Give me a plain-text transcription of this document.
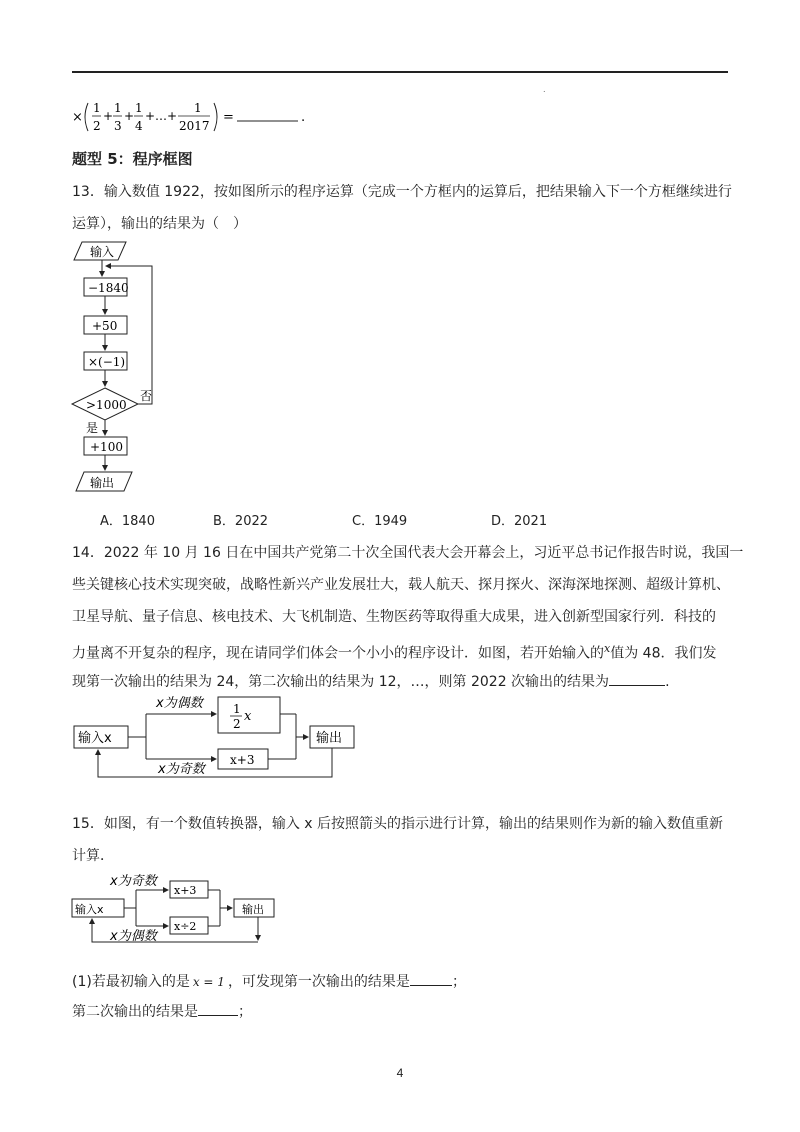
.
×
1
2
+
1
3
+
1
4
+…+
1
2017
=	.
题型 5：程序框图
13．输入数值 1922，按如图所示的程序运算（完成一个方框内的运算后，把结果输入下一个方框继续进行
运算），输出的结果为（　）
输入
−1840
+50
×(−1)
>1000
否
是
+100
输出
A．1840	B．2022	C．1949	D．2021
14．2022 年 10 月 16 日在中国共产党第二十次全国代表大会开幕会上，习近平总书记作报告时说，我国一
些关键核心技术实现突破，战略性新兴产业发展壮大，载人航天、探月探火、深海深地探测、超级计算机、
卫星导航、量子信息、核电技术、大飞机制造、生物医药等取得重大成果，进入创新型国家行列．科技的
力量离不开复杂的程序，现在请同学们体会一个小小的程序设计．如图，若开始输入的$^x$值为 48．我们发
现第一次输出的结果为 24，第二次输出的结果为 12，…，则第 2022 次输出的结果为	.
输入x
x为偶数	1
2 x
x+3
x为奇数
输出
15．如图，有一个数值转换器，输入 x 后按照箭头的指示进行计算，输出的结果则作为新的输入数值重新
计算．
x为奇数
x+3
输入x
x÷2
输出
x为偶数
(1)若最初输入的是 x = 1 ，可发现第一次输出的结果是	；
第二次输出的结果是	；
4
